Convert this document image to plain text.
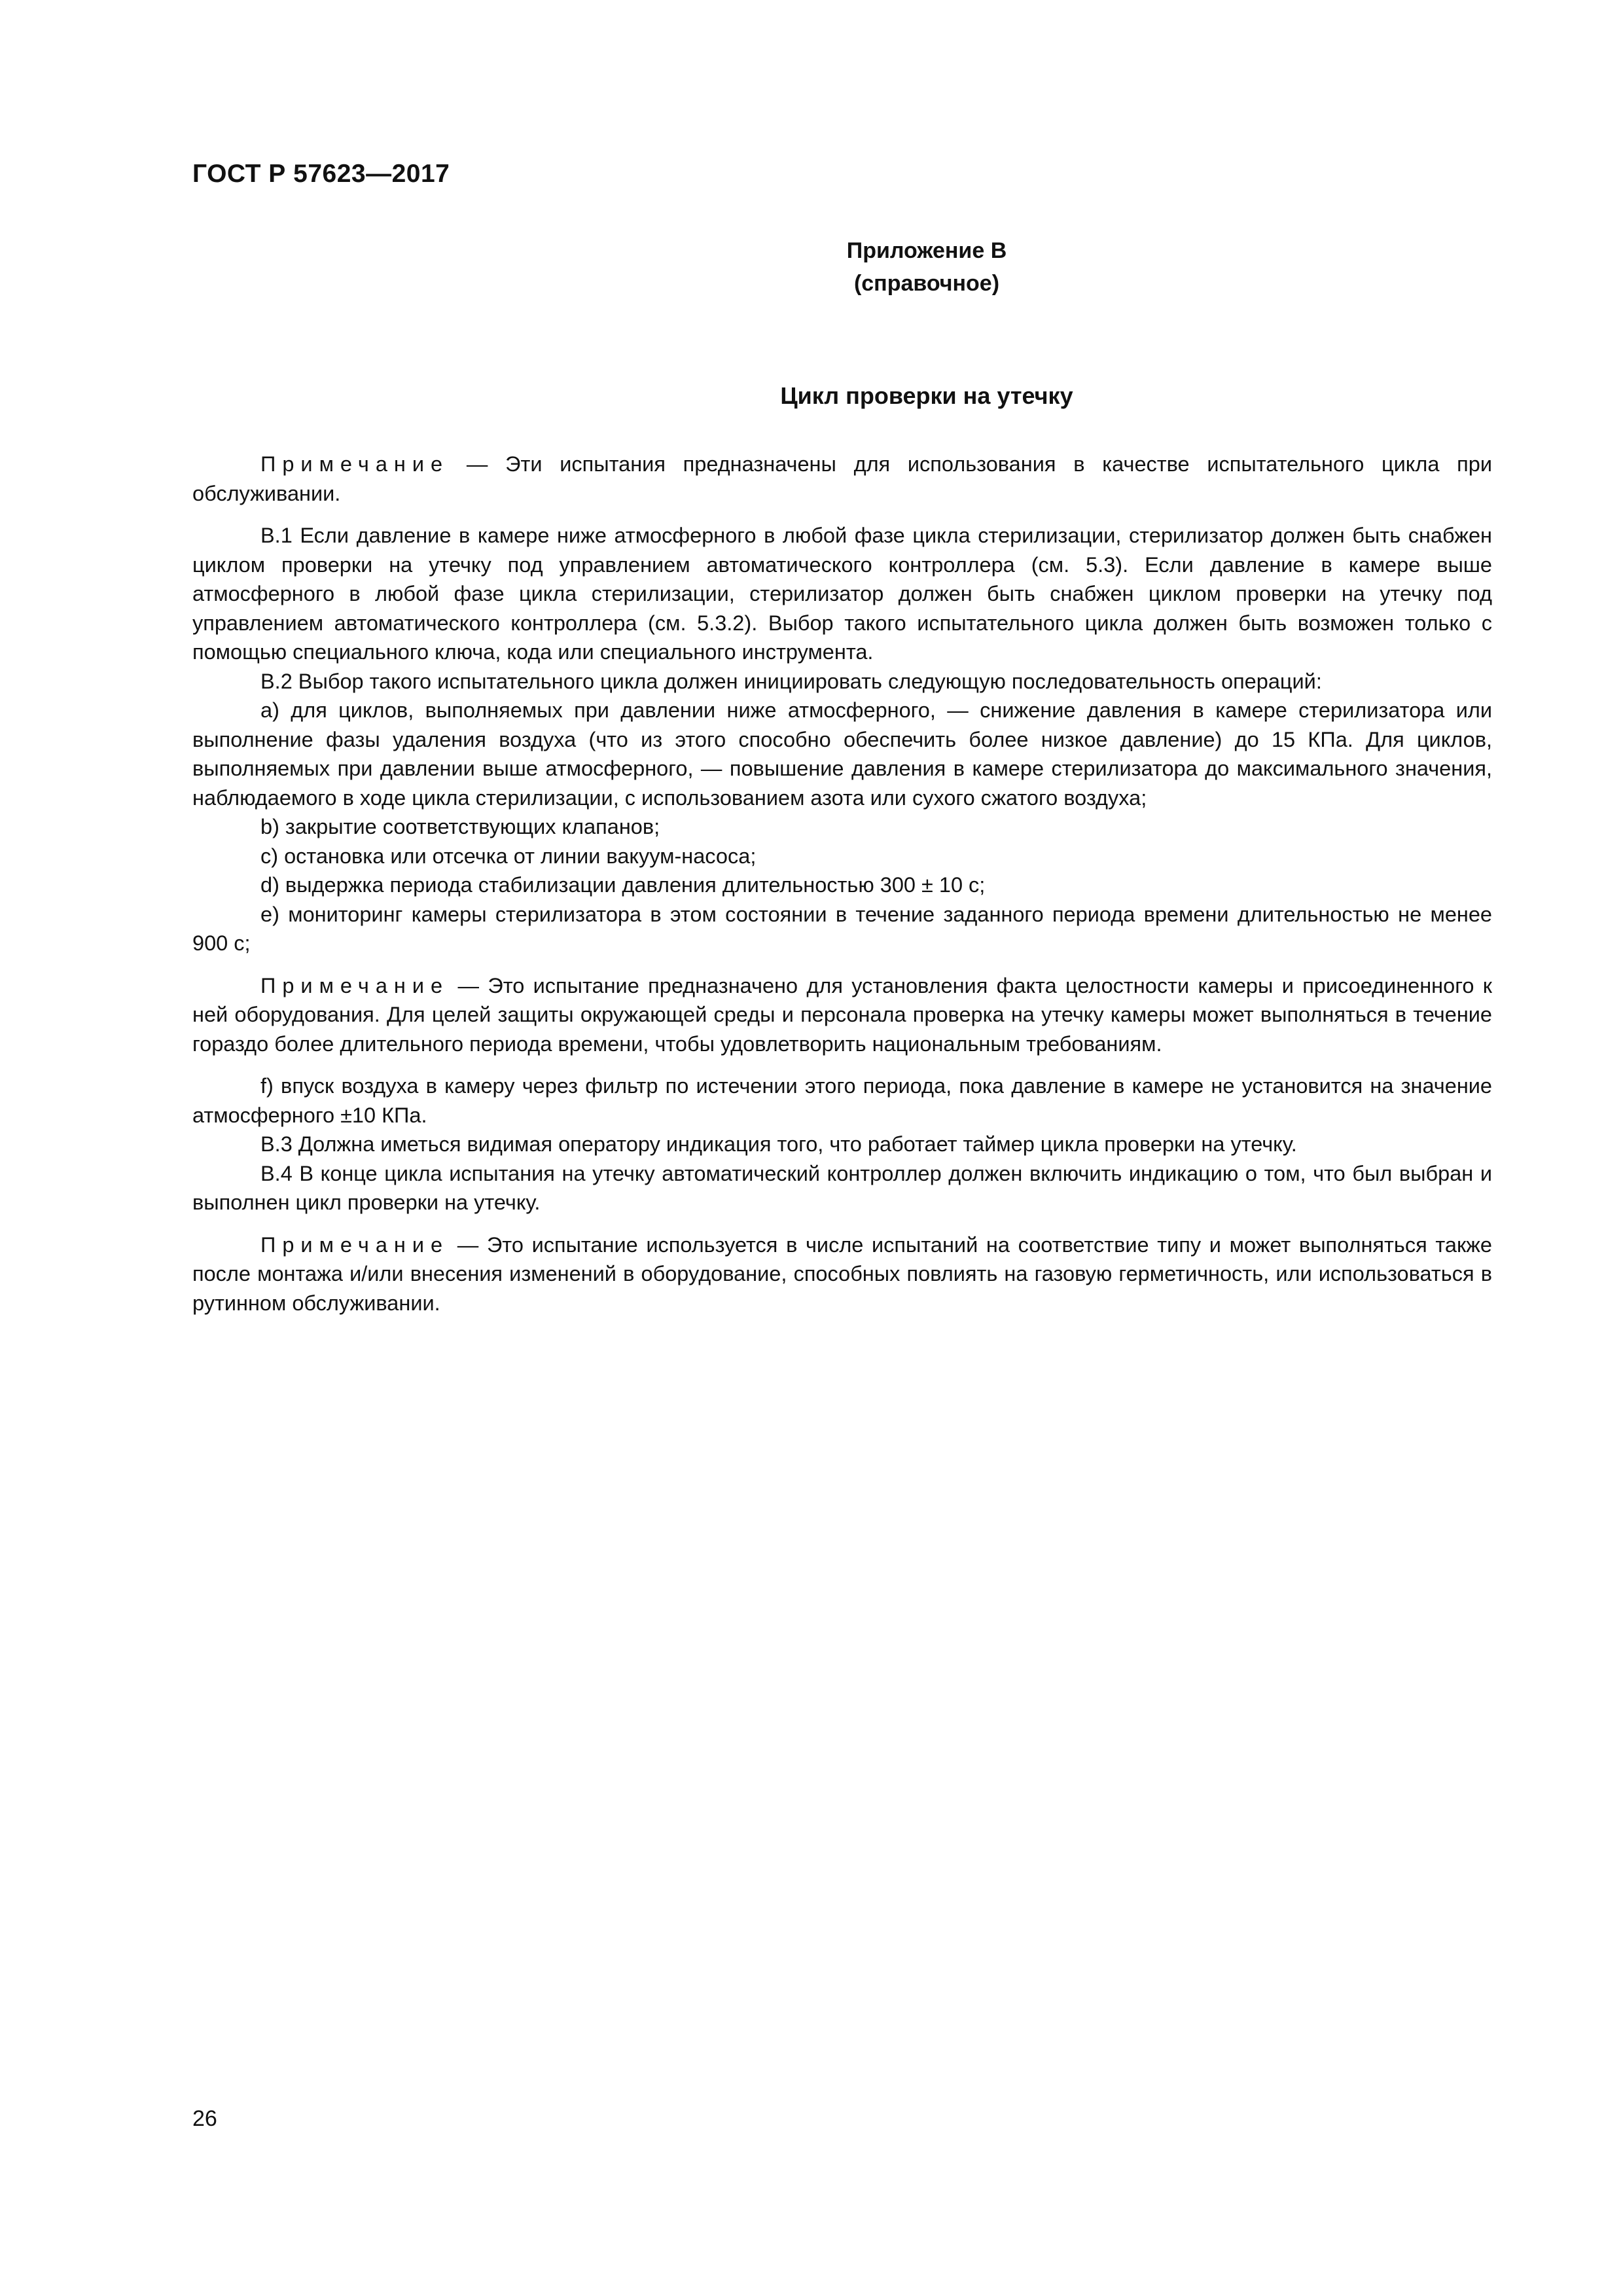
ГОСТ Р 57623—2017
Приложение В
(справочное)
Цикл проверки на утечку

Примечание — Эти испытания предназначены для использования в качестве испытательного цикла при обслуживании.

В.1 Если давление в камере ниже атмосферного в любой фазе цикла стерилизации, стерилизатор должен быть снабжен циклом проверки на утечку под управлением автоматического контроллера (см. 5.3). Если давление в камере выше атмосферного в любой фазе цикла стерилизации, стерилизатор должен быть снабжен циклом проверки на утечку под управлением автоматического контроллера (см. 5.3.2). Выбор такого испытательного цикла должен быть возможен только с помощью специального ключа, кода или специального инструмента.

В.2 Выбор такого испытательного цикла должен инициировать следующую последовательность операций:

а) для циклов, выполняемых при давлении ниже атмосферного, — снижение давления в камере стерилизатора или выполнение фазы удаления воздуха (что из этого способно обеспечить более низкое давление) до 15 КПа. Для циклов, выполняемых при давлении выше атмосферного, — повышение давления в камере стерилизатора до максимального значения, наблюдаемого в ходе цикла стерилизации, с использованием азота или сухого сжатого воздуха;

b) закрытие соответствующих клапанов;

c) остановка или отсечка от линии вакуум-насоса;

d) выдержка периода стабилизации давления длительностью 300 ± 10 с;

e) мониторинг камеры стерилизатора в этом состоянии в течение заданного периода времени длительностью не менее 900 с;

Примечание — Это испытание предназначено для установления факта целостности камеры и присоединенного к ней оборудования. Для целей защиты окружающей среды и персонала проверка на утечку камеры может выполняться в течение гораздо более длительного периода времени, чтобы удовлетворить национальным требованиям.

f) впуск воздуха в камеру через фильтр по истечении этого периода, пока давление в камере не установится на значение атмосферного ±10 КПа.

В.3 Должна иметься видимая оператору индикация того, что работает таймер цикла проверки на утечку.

В.4 В конце цикла испытания на утечку автоматический контроллер должен включить индикацию о том, что был выбран и выполнен цикл проверки на утечку.

Примечание — Это испытание используется в числе испытаний на соответствие типу и может выполняться также после монтажа и/или внесения изменений в оборудование, способных повлиять на газовую герметичность, или использоваться в рутинном обслуживании.

26
